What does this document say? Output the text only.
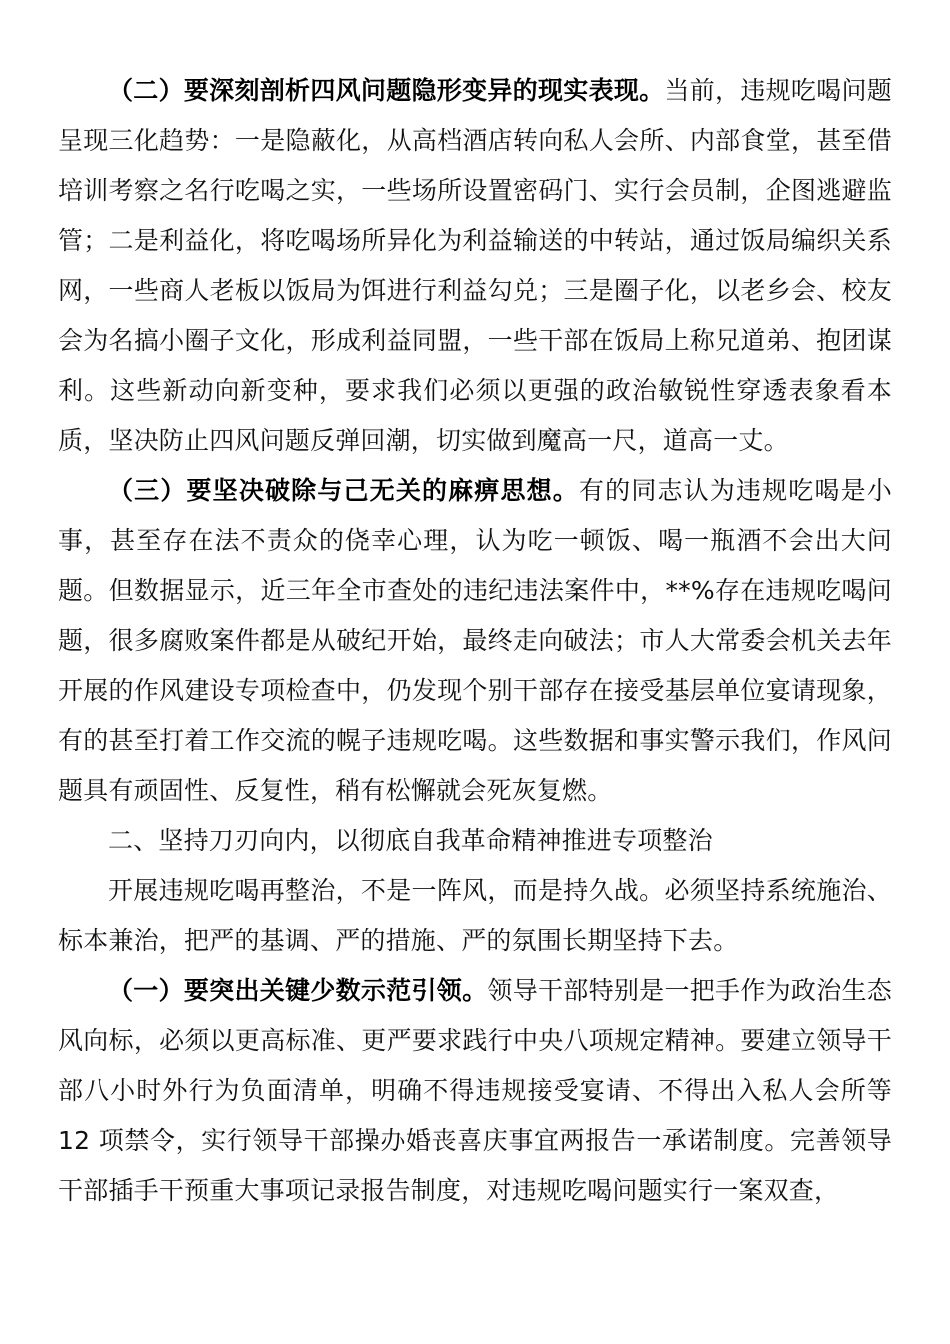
（二）要深刻剖析四风问题隐形变异的现实表现。当前，违规吃喝问题呈现三化趋势：一是隐蔽化，从高档酒店转向私人会所、内部食堂，甚至借培训考察之名行吃喝之实，一些场所设置密码门、实行会员制，企图逃避监管；二是利益化，将吃喝场所异化为利益输送的中转站，通过饭局编织关系网，一些商人老板以饭局为饵进行利益勾兑；三是圈子化，以老乡会、校友会为名搞小圈子文化，形成利益同盟，一些干部在饭局上称兄道弟、抱团谋利。这些新动向新变种，要求我们必须以更强的政治敏锐性穿透表象看本质，坚决防止四风问题反弹回潮，切实做到魔高一尺，道高一丈。

（三）要坚决破除与己无关的麻痹思想。有的同志认为违规吃喝是小事，甚至存在法不责众的侥幸心理，认为吃一顿饭、喝一瓶酒不会出大问题。但数据显示，近三年全市查处的违纪违法案件中，**%存在违规吃喝问题，很多腐败案件都是从破纪开始，最终走向破法；市人大常委会机关去年开展的作风建设专项检查中，仍发现个别干部存在接受基层单位宴请现象，有的甚至打着工作交流的幌子违规吃喝。这些数据和事实警示我们，作风问题具有顽固性、反复性，稍有松懈就会死灰复燃。

二、坚持刀刃向内，以彻底自我革命精神推进专项整治

开展违规吃喝再整治，不是一阵风，而是持久战。必须坚持系统施治、标本兼治，把严的基调、严的措施、严的氛围长期坚持下去。

（一）要突出关键少数示范引领。领导干部特别是一把手作为政治生态风向标，必须以更高标准、更严要求践行中央八项规定精神。要建立领导干部八小时外行为负面清单，明确不得违规接受宴请、不得出入私人会所等 12 项禁令，实行领导干部操办婚丧喜庆事宜两报告一承诺制度。完善领导干部插手干预重大事项记录报告制度，对违规吃喝问题实行一案双查，
